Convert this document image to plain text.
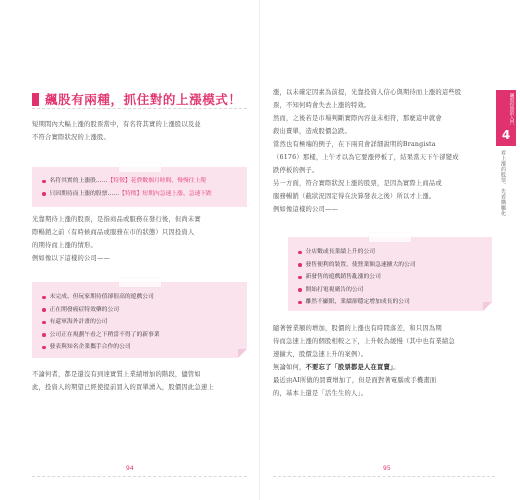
飆股有兩種，抓住對的上漲模式！
短期間內大幅上漲的股票當中，有名符其實的上漲股以及並
不符合實際狀況的上漲股。
名符其實的上漲股…… 【特徵】花費數個月時間、慢慢往上爬
只因期待而上漲的股票…… 【特徵】短期內急速上漲、急速下跌
光靠期待上漲的股票，是指商品或服務在發行後，但尚未實
際暢銷之前（有時候商品或服務在市的狀態）只因投資人
的期待而上漲的情形。
例如像以下這樣的公司——
未完成、但玩家期待值卻很高的遊戲公司
正在開發癌症特效藥的公司
有還軍海外計畫的公司
公司正在規劃午看之下稍當不得了的新事業
發表與知名企業攜手合作的公司
不論何者，都是還沒有到達實質上業績增加的階段，儘管如
此，投資人的期望已經使提前買入的買單湧入，股價因此急速上
94
漲，以未確定因素為前提，光靠投資人信心與期待而上漲的這些股
票，不知何時會失去上漲的特效。
然而，之後若是市場判斷實際內容並未相符，那麼這中就會
殺出賣單，造成股價急跌。
當然也有極端的例子，在下兩頁會詳細說明的Brangista
（6176）那樣，上午才以為它要漲停板了，結果當天下午卻變成
跌停板的例子。
另一方面，符合實際狀況上漲的股票，是因為實際上商品或
服務暢銷（截狀況固定得在決算發表之後）所以才上漲。
例如像這樣的公司——
分店數或長業績上升的公司
發售便利的裝置，使營業額急速擴大的公司
新發售的遊戲銷售亂漲的公司
開始打電視廣告的公司
離然不顯眼，業績卻穩定增加成長的公司
隨著營業額的增加，股價的上漲也有時間落差，和只因為期
待而急速上漲的個股相較之下，上升較為緩慢（其中也有業績急
速擴大，股價急速上升的案例）。
無論如何，不要忘了「股票都是人在買賣」。
最近由AI所做的買賣增加了，但是面對著電腦或手機畫面
的，基本上還是「活生生的人」。
95
飆股投資的入門
4
看上漲的股票、先看購屬化
